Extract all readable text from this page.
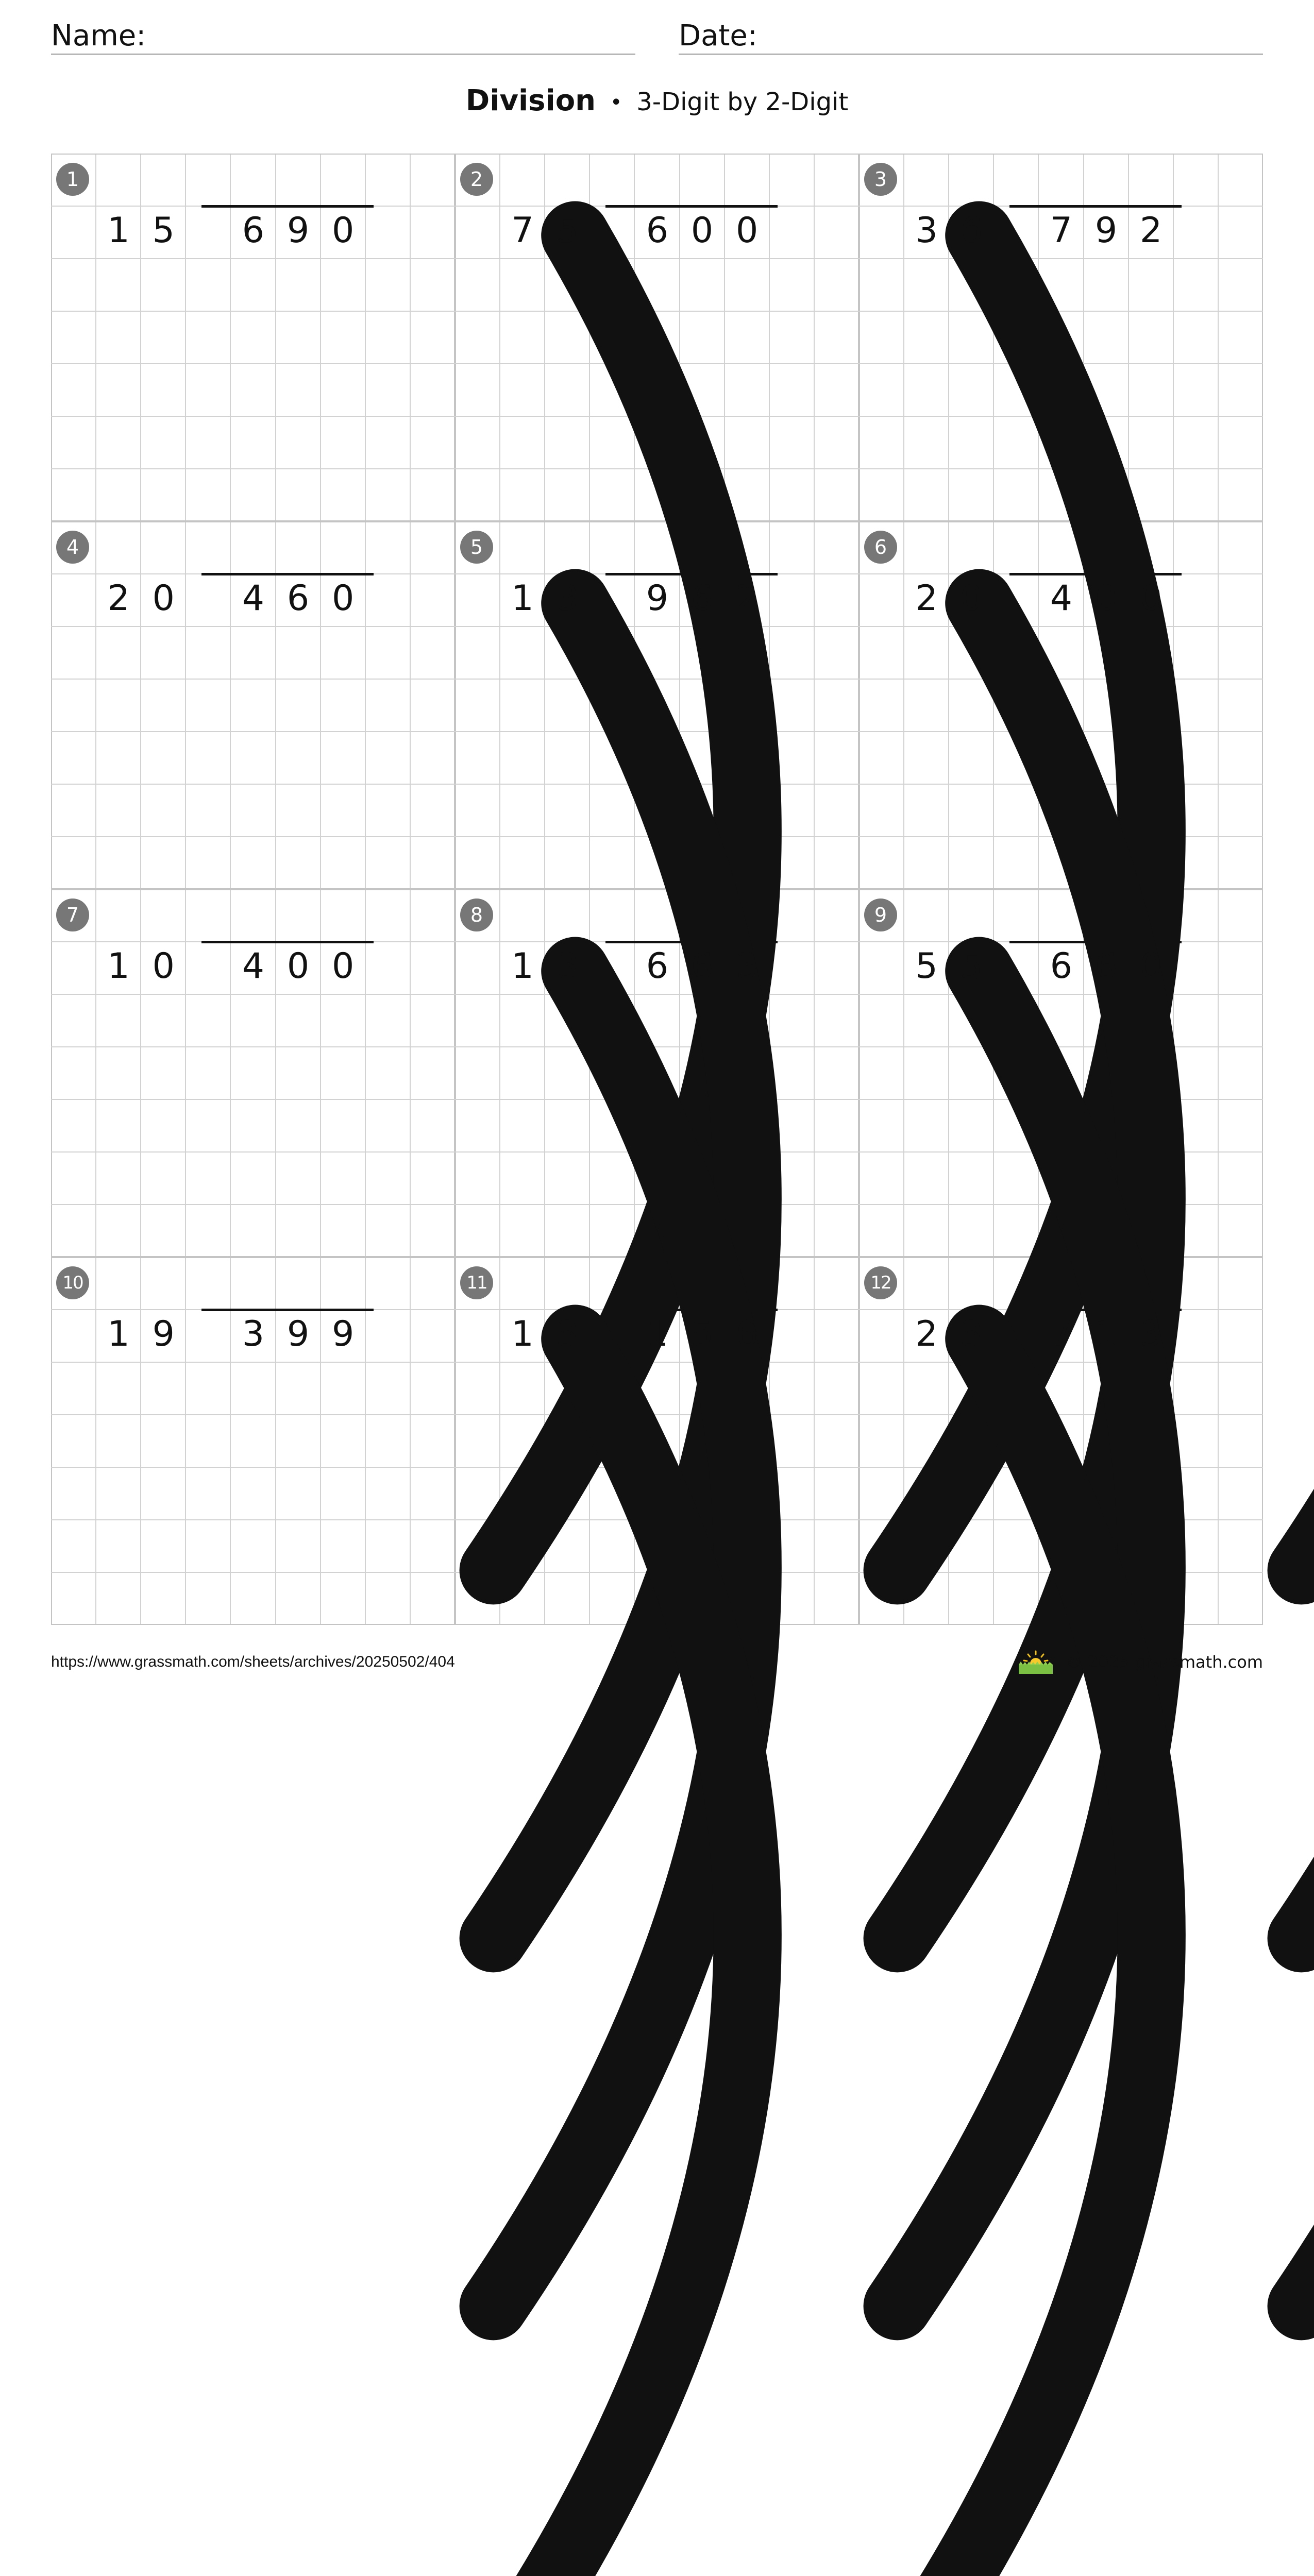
Name:	Date:
Division • 3-Digit by 2-Digit
1
1 5	6 9 0
2
7 5	6 0 0
3
3 6	7 9 2
4
2 0	4 6 0
5
1 3	9 6 2
6
2 0	4 0 0
7
1 0	4 0 0
8
1 3	6 6 3
9
5 5	6 6 0
10
1 9	3 9 9
11
1 3	1 5 6
12
2 3	7 1 3
https://www.grassmath.com/sheets/archives/20250502/404	© 2025 grassmath.com
